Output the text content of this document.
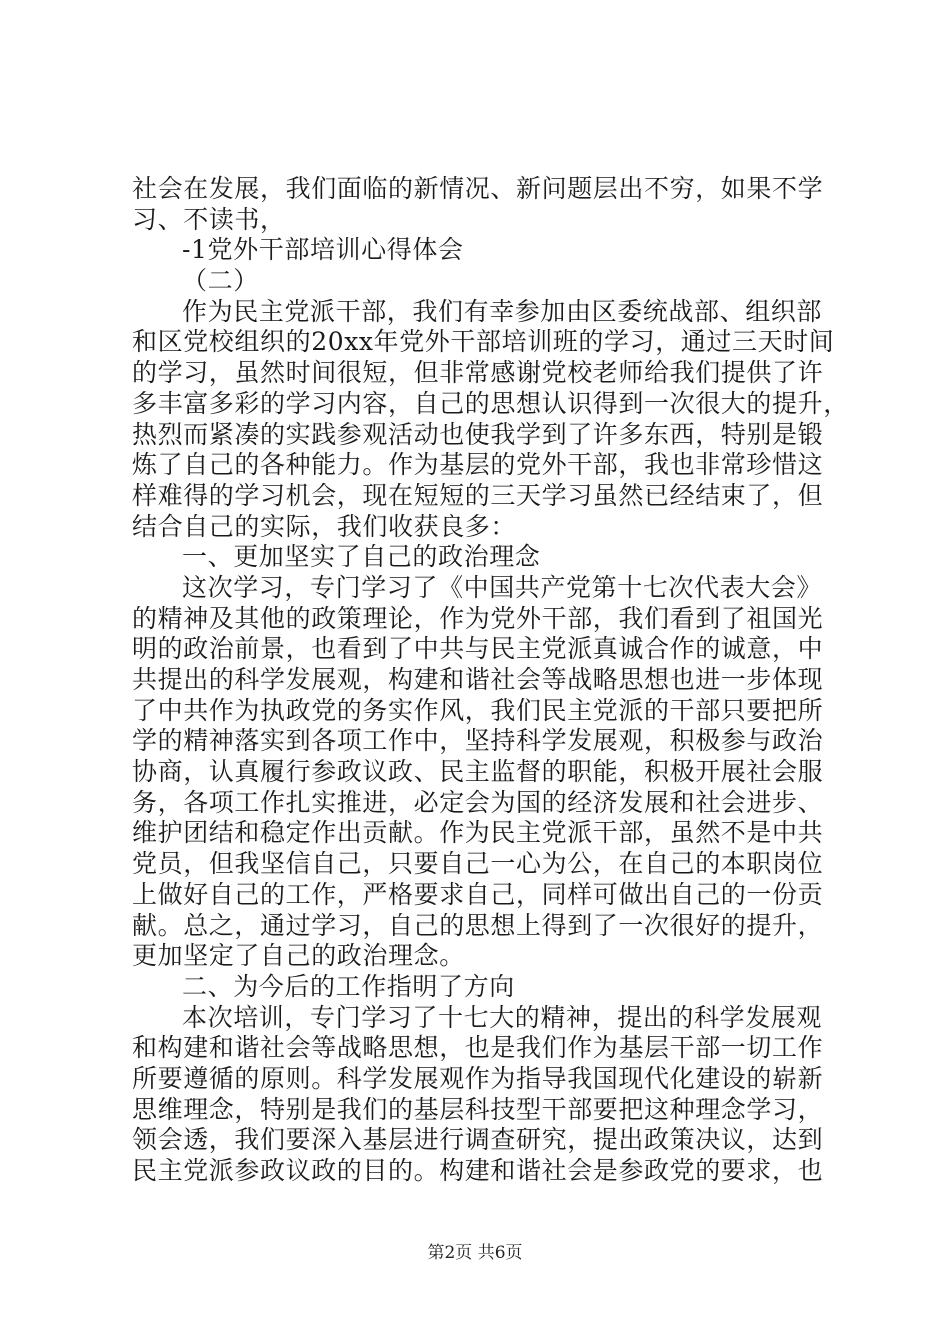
社会在发展，我们面临的新情况、新问题层出不穷，如果不学
习、不读书，
-1党外干部培训心得体会
（二）
作为民主党派干部，我们有幸参加由区委统战部、组织部
和区党校组织的20xx年党外干部培训班的学习，通过三天时间
的学习，虽然时间很短，但非常感谢党校老师给我们提供了许
多丰富多彩的学习内容，自己的思想认识得到一次很大的提升，
热烈而紧凑的实践参观活动也使我学到了许多东西，特别是锻
炼了自己的各种能力。作为基层的党外干部，我也非常珍惜这
样难得的学习机会，现在短短的三天学习虽然已经结束了，但
结合自己的实际，我们收获良多：
一、更加坚实了自己的政治理念
这次学习，专门学习了《中国共产党第十七次代表大会》
的精神及其他的政策理论，作为党外干部，我们看到了祖国光
明的政治前景，也看到了中共与民主党派真诚合作的诚意，中
共提出的科学发展观，构建和谐社会等战略思想也进一步体现
了中共作为执政党的务实作风，我们民主党派的干部只要把所
学的精神落实到各项工作中，坚持科学发展观，积极参与政治
协商，认真履行参政议政、民主监督的职能，积极开展社会服
务，各项工作扎实推进，必定会为国的经济发展和社会进步、
维护团结和稳定作出贡献。作为民主党派干部，虽然不是中共
党员，但我坚信自己，只要自己一心为公，在自己的本职岗位
上做好自己的工作，严格要求自己，同样可做出自己的一份贡
献。总之，通过学习，自己的思想上得到了一次很好的提升，
更加坚定了自己的政治理念。
二、为今后的工作指明了方向
本次培训，专门学习了十七大的精神，提出的科学发展观
和构建和谐社会等战略思想，也是我们作为基层干部一切工作
所要遵循的原则。科学发展观作为指导我国现代化建设的崭新
思维理念，特别是我们的基层科技型干部要把这种理念学习，
领会透，我们要深入基层进行调查研究，提出政策决议，达到
民主党派参政议政的目的。构建和谐社会是参政党的要求，也
第2页 共6页
